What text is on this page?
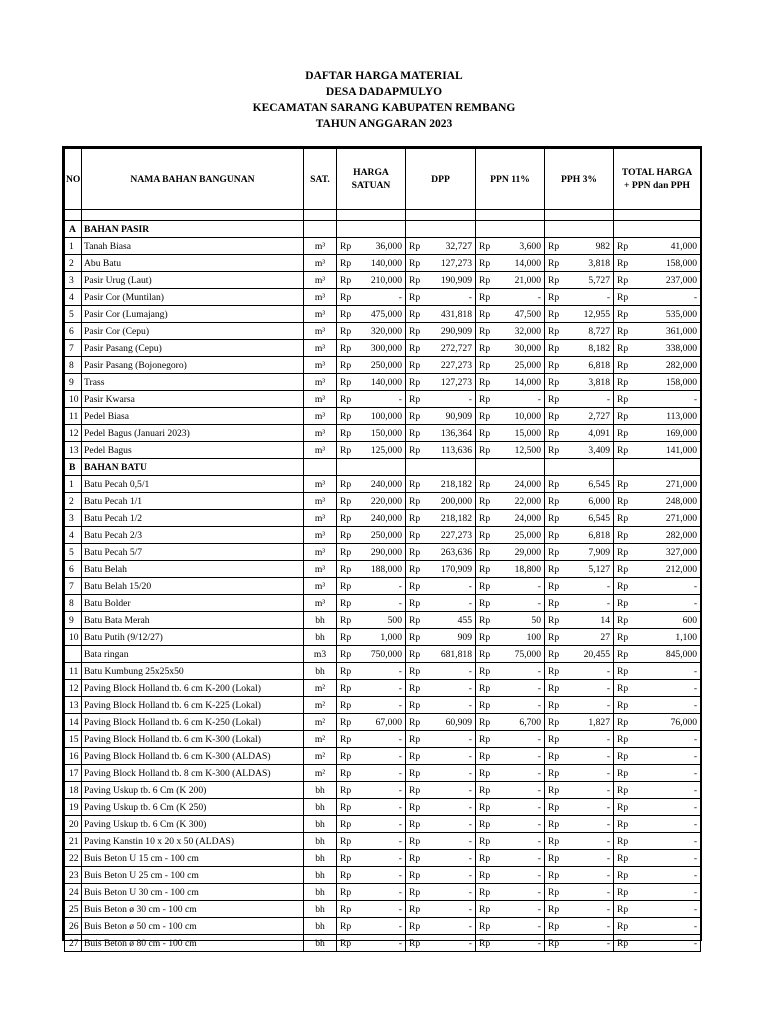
DAFTAR HARGA MATERIAL
DESA DADAPMULYO
KECAMATAN SARANG KABUPATEN REMBANG
TAHUN ANGGARAN 2023
NO	NAMA BAHAN BANGUNAN	SAT.	HARGA
SATUAN		DPP		PPN 11%		PPH 3%		TOTAL HARGA
+ PPN dan PPH	

A	BAHAN PASIR											
1	Tanah Biasa	m³	Rp	36,000	Rp	32,727	Rp	3,600	Rp	982	Rp	41,000
2	Abu Batu	m³	Rp	140,000	Rp	127,273	Rp	14,000	Rp	3,818	Rp	158,000
3	Pasir Urug (Laut)	m³	Rp	210,000	Rp	190,909	Rp	21,000	Rp	5,727	Rp	237,000
4	Pasir Cor (Muntilan)	m³	Rp	-	Rp	-	Rp	-	Rp	-	Rp	-
5	Pasir Cor (Lumajang)	m³	Rp	475,000	Rp	431,818	Rp	47,500	Rp	12,955	Rp	535,000
6	Pasir Cor (Cepu)	m³	Rp	320,000	Rp	290,909	Rp	32,000	Rp	8,727	Rp	361,000
7	Pasir Pasang (Cepu)	m³	Rp	300,000	Rp	272,727	Rp	30,000	Rp	8,182	Rp	338,000
8	Pasir Pasang (Bojonegoro)	m³	Rp	250,000	Rp	227,273	Rp	25,000	Rp	6,818	Rp	282,000
9	Trass	m³	Rp	140,000	Rp	127,273	Rp	14,000	Rp	3,818	Rp	158,000
10	Pasir Kwarsa	m³	Rp	-	Rp	-	Rp	-	Rp	-	Rp	-
11	Pedel Biasa	m³	Rp	100,000	Rp	90,909	Rp	10,000	Rp	2,727	Rp	113,000
12	Pedel Bagus (Januari 2023)	m³	Rp	150,000	Rp	136,364	Rp	15,000	Rp	4,091	Rp	169,000
13	Pedel Bagus	m³	Rp	125,000	Rp	113,636	Rp	12,500	Rp	3,409	Rp	141,000
B	BAHAN BATU											
1	Batu Pecah 0,5/1	m³	Rp	240,000	Rp	218,182	Rp	24,000	Rp	6,545	Rp	271,000
2	Batu Pecah 1/1	m³	Rp	220,000	Rp	200,000	Rp	22,000	Rp	6,000	Rp	248,000
3	Batu Pecah 1/2	m³	Rp	240,000	Rp	218,182	Rp	24,000	Rp	6,545	Rp	271,000
4	Batu Pecah 2/3	m³	Rp	250,000	Rp	227,273	Rp	25,000	Rp	6,818	Rp	282,000
5	Batu Pecah 5/7	m³	Rp	290,000	Rp	263,636	Rp	29,000	Rp	7,909	Rp	327,000
6	Batu Belah	m³	Rp	188,000	Rp	170,909	Rp	18,800	Rp	5,127	Rp	212,000
7	Batu Belah 15/20	m³	Rp	-	Rp	-	Rp	-	Rp	-	Rp	-
8	Batu Bolder	m³	Rp	-	Rp	-	Rp	-	Rp	-	Rp	-
9	Batu Bata Merah	bh	Rp	500	Rp	455	Rp	50	Rp	14	Rp	600
10	Batu Putih (9/12/27)	bh	Rp	1,000	Rp	909	Rp	100	Rp	27	Rp	1,100
	Bata ringan	m3	Rp	750,000	Rp	681,818	Rp	75,000	Rp	20,455	Rp	845,000
11	Batu Kumbung 25x25x50	bh	Rp	-	Rp	-	Rp	-	Rp	-	Rp	-
12	Paving Block Holland tb. 6 cm K-200 (Lokal)	m²	Rp	-	Rp	-	Rp	-	Rp	-	Rp	-
13	Paving Block Holland tb. 6 cm K-225 (Lokal)	m²	Rp	-	Rp	-	Rp	-	Rp	-	Rp	-
14	Paving Block Holland tb. 6 cm K-250 (Lokal)	m²	Rp	67,000	Rp	60,909	Rp	6,700	Rp	1,827	Rp	76,000
15	Paving Block Holland tb. 6 cm K-300 (Lokal)	m²	Rp	-	Rp	-	Rp	-	Rp	-	Rp	-
16	Paving Block Holland tb. 6 cm K-300 (ALDAS)	m²	Rp	-	Rp	-	Rp	-	Rp	-	Rp	-
17	Paving Block Holland tb. 8 cm K-300 (ALDAS)	m²	Rp	-	Rp	-	Rp	-	Rp	-	Rp	-
18	Paving Uskup tb. 6 Cm (K 200)	bh	Rp	-	Rp	-	Rp	-	Rp	-	Rp	-
19	Paving Uskup tb. 6 Cm (K 250)	bh	Rp	-	Rp	-	Rp	-	Rp	-	Rp	-
20	Paving Uskup tb. 6 Cm (K 300)	bh	Rp	-	Rp	-	Rp	-	Rp	-	Rp	-
21	Paving Kanstin 10 x 20 x 50 (ALDAS)	bh	Rp	-	Rp	-	Rp	-	Rp	-	Rp	-
22	Buis Beton U 15 cm - 100 cm	bh	Rp	-	Rp	-	Rp	-	Rp	-	Rp	-
23	Buis Beton U 25 cm - 100 cm	bh	Rp	-	Rp	-	Rp	-	Rp	-	Rp	-
24	Buis Beton U 30 cm - 100 cm	bh	Rp	-	Rp	-	Rp	-	Rp	-	Rp	-
25	Buis Beton ø 30 cm - 100 cm	bh	Rp	-	Rp	-	Rp	-	Rp	-	Rp	-
26	Buis Beton ø 50 cm - 100 cm	bh	Rp	-	Rp	-	Rp	-	Rp	-	Rp	-
27	Buis Beton ø 80 cm - 100 cm	bh	Rp	-	Rp	-	Rp	-	Rp	-	Rp	-
